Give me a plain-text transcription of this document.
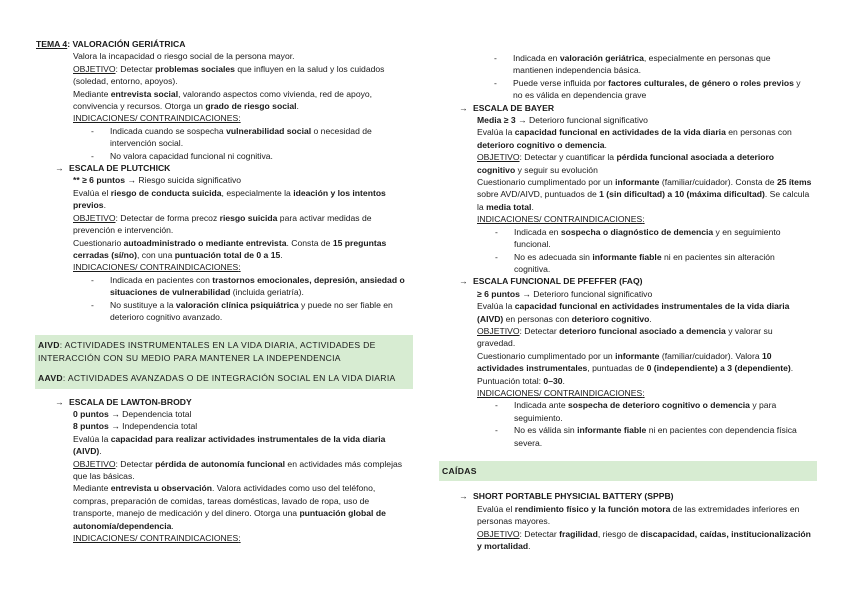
TEMA 4: VALORACIÓN GERIÁTRICA

Valora la incapacidad o riesgo social de la persona mayor.

OBJETIVO: Detectar problemas sociales que influyen en la salud y los cuidados (soledad, entorno, apoyos).

Mediante entrevista social, valorando aspectos como vivienda, red de apoyo, convivencia y recursos. Otorga un grado de riesgo social.

INDICACIONES/ CONTRAINDICACIONES:

- Indicada cuando se sospecha vulnerabilidad social o necesidad de intervención social.

- No valora capacidad funcional ni cognitiva.

→ ESCALA DE PLUTCHICK

** ≥ 6 puntos → Riesgo suicida significativo

Evalúa el riesgo de conducta suicida, especialmente la ideación y los intentos previos.

OBJETIVO: Detectar de forma precoz riesgo suicida para activar medidas de prevención e intervención.

Cuestionario autoadministrado o mediante entrevista. Consta de 15 preguntas cerradas (sí/no), con una puntuación total de 0 a 15.

INDICACIONES/ CONTRAINDICACIONES:

- Indicada en pacientes con trastornos emocionales, depresión, ansiedad o situaciones de vulnerabilidad (incluida geriatría).

- No sustituye a la valoración clínica psiquiátrica y puede no ser fiable en deterioro cognitivo avanzado.

AIVD: ACTIVIDADES INSTRUMENTALES EN LA VIDA DIARIA, ACTIVIDADES DE INTERACCIÓN CON SU MEDIO PARA MANTENER LA INDEPENDENCIA
AAVD: ACTIVIDADES AVANZADAS O DE INTEGRACIÓN SOCIAL EN LA VIDA DIARIA

→ ESCALA DE LAWTON-BRODY

0 puntos → Dependencia total

8 puntos → Independencia total

Evalúa la capacidad para realizar actividades instrumentales de la vida diaria (AIVD).

OBJETIVO: Detectar pérdida de autonomía funcional en actividades más complejas que las básicas.

Mediante entrevista u observación. Valora actividades como uso del teléfono, compras, preparación de comidas, tareas domésticas, lavado de ropa, uso de transporte, manejo de medicación y del dinero. Otorga una puntuación global de autonomía/dependencia.

INDICACIONES/ CONTRAINDICACIONES:

- Indicada en valoración geriátrica, especialmente en personas que mantienen independencia básica.

- Puede verse influida por factores culturales, de género o roles previos y no es válida en dependencia grave

→ ESCALA DE BAYER

Media ≥ 3 → Deterioro funcional significativo

Evalúa la capacidad funcional en actividades de la vida diaria en personas con deterioro cognitivo o demencia.

OBJETIVO: Detectar y cuantificar la pérdida funcional asociada a deterioro cognitivo y seguir su evolución

Cuestionario cumplimentado por un informante (familiar/cuidador). Consta de 25 ítems sobre AVD/AIVD, puntuados de 1 (sin dificultad) a 10 (máxima dificultad). Se calcula la media total.

INDICACIONES/ CONTRAINDICACIONES:

- Indicada en sospecha o diagnóstico de demencia y en seguimiento funcional.

- No es adecuada sin informante fiable ni en pacientes sin alteración cognitiva.

→ ESCALA FUNCIONAL DE PFEFFER (FAQ)

≥ 6 puntos → Deterioro funcional significativo

Evalúa la capacidad funcional en actividades instrumentales de la vida diaria (AIVD) en personas con deterioro cognitivo.

OBJETIVO: Detectar deterioro funcional asociado a demencia y valorar su gravedad.

Cuestionario cumplimentado por un informante (familiar/cuidador). Valora 10 actividades instrumentales, puntuadas de 0 (independiente) a 3 (dependiente). Puntuación total: 0–30.

INDICACIONES/ CONTRAINDICACIONES:

- Indicada ante sospecha de deterioro cognitivo o demencia y para seguimiento.

- No es válida sin informante fiable ni en pacientes con dependencia física severa.

CAÍDAS

→ SHORT PORTABLE PHYSICIAL BATTERY (SPPB)

Evalúa el rendimiento físico y la función motora de las extremidades inferiores en personas mayores.

OBJETIVO: Detectar fragilidad, riesgo de discapacidad, caídas, institucionalización y mortalidad.
